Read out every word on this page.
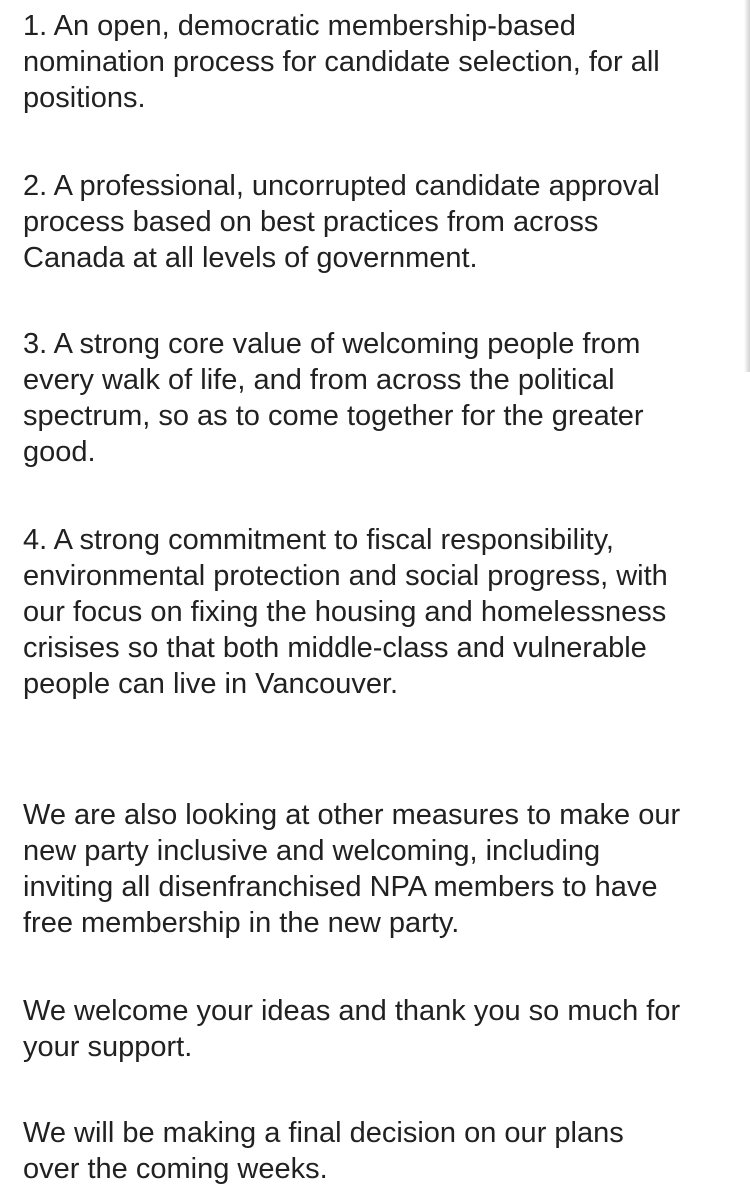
1. An open, democratic membership-based
nomination process for candidate selection, for all
positions.

2. A professional, uncorrupted candidate approval
process based on best practices from across
Canada at all levels of government.

3. A strong core value of welcoming people from
every walk of life, and from across the political
spectrum, so as to come together for the greater
good.

4. A strong commitment to fiscal responsibility,
environmental protection and social progress, with
our focus on fixing the housing and homelessness
crisises so that both middle-class and vulnerable
people can live in Vancouver.

We are also looking at other measures to make our
new party inclusive and welcoming, including
inviting all disenfranchised NPA members to have
free membership in the new party.

We welcome your ideas and thank you so much for
your support.

We will be making a final decision on our plans
over the coming weeks.
